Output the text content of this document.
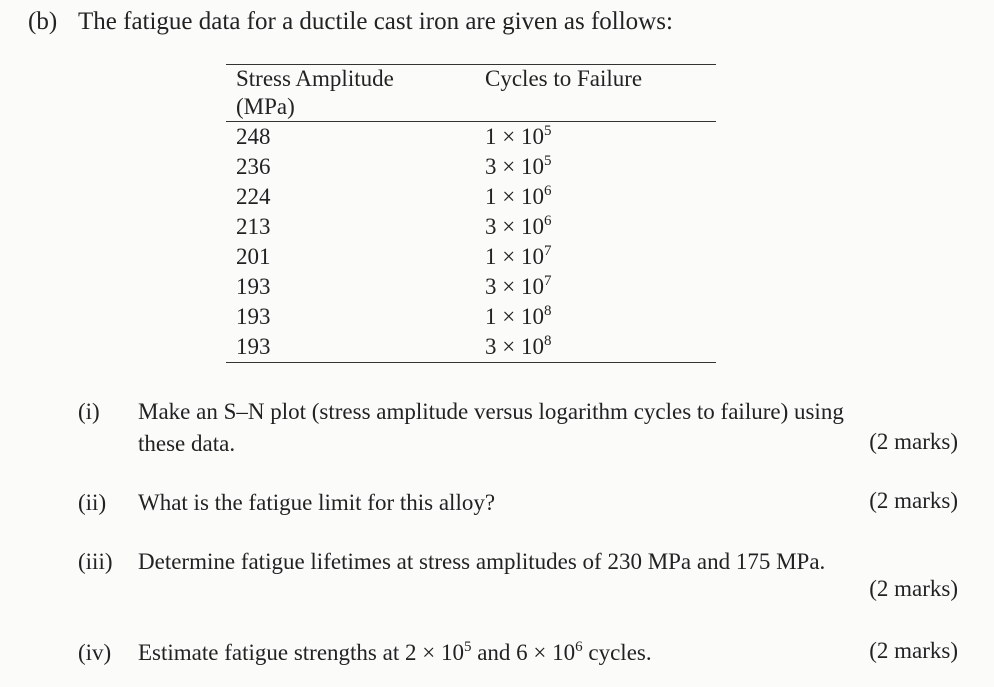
(b) The fatigue data for a ductile cast iron are given as follows:
Stress Amplitude
(MPa)	Cycles to Failure
248	$1 \times 10^5$
236	$3 \times 10^5$
224	$1 \times 10^6$
213	$3 \times 10^6$
201	$1 \times 10^7$
193	$3 \times 10^7$
193	$1 \times 10^8$
193	$3 \times 10^8$
(i) Make an S–N plot (stress amplitude versus logarithm cycles to failure) using
these data.	(2 marks)
(ii) What is the fatigue limit for this alloy?	(2 marks)
(iii) Determine fatigue lifetimes at stress amplitudes of 230 MPa and 175 MPa.
(2 marks)
(iv) Estimate fatigue strengths at $2 \times 10^5$ and $6 \times 10^6$ cycles.	(2 marks)
